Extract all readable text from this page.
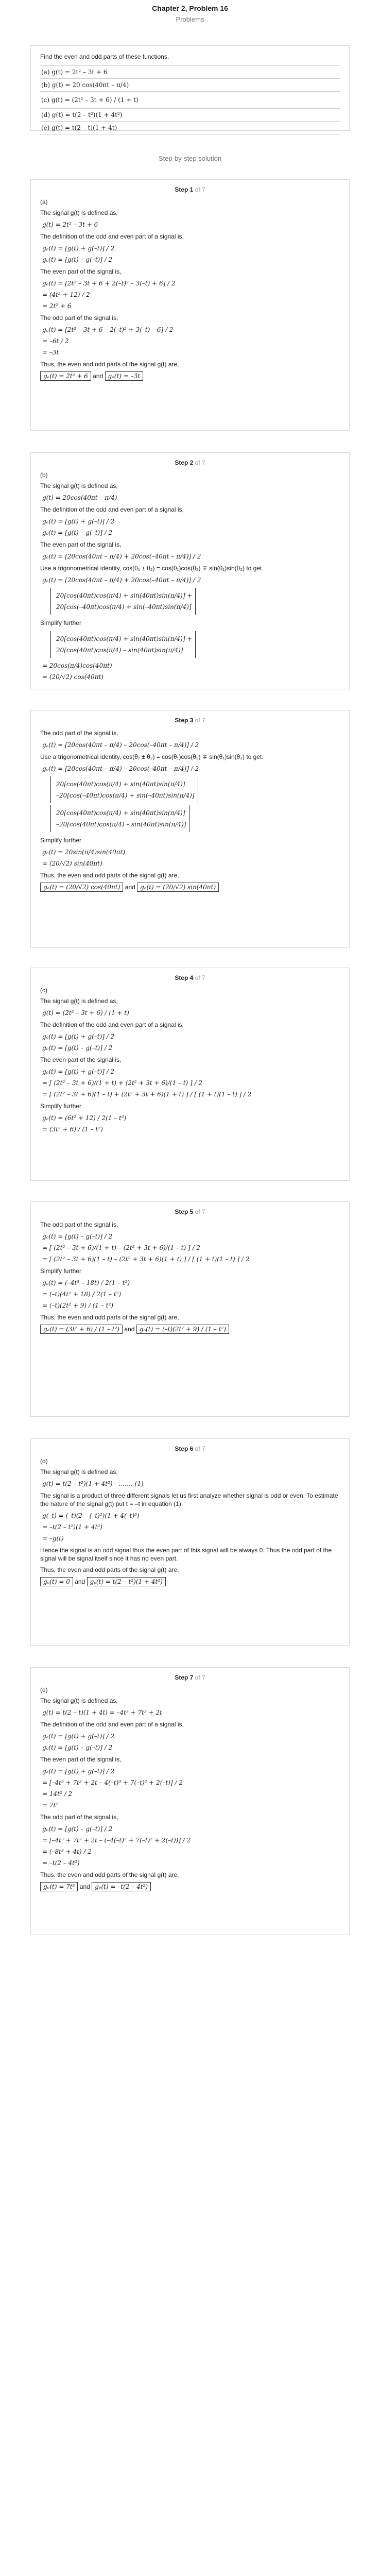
Chapter 2, Problem 16
Problems
Find the even and odd parts of these functions.
(a) g(t) = 2t² – 3t + 6
(b) g(t) = 20 cos(40πt – π/4)
(c) g(t) = (2t² – 3t + 6) / (1 + t)
(d) g(t) = t(2 – t²)(1 + 4t²)
(e) g(t) = t(2 – t)(1 + 4t)
Step-by-step solution
Step 1 of 7
(a)
The signal g(t) is defined as,
g(t) = 2t² – 3t + 6
The definition of the odd and even part of a signal is,
gₑ(t) = [g(t) + g(–t)] / 2
gₒ(t) = [g(t) – g(–t)] / 2
The even part of the signal is,
gₑ(t) = [2t² – 3t + 6 + 2(–t)² – 3(–t) + 6] / 2
= (4t² + 12) / 2
= 2t² + 6
The odd part of the signal is,
gₒ(t) = [2t² – 3t + 6 – 2(–t)² + 3(–t) – 6] / 2
= –6t / 2
= –3t
Thus, the even and odd parts of the signal g(t) are,
gₑ(t) = 2t² + 6 and gₒ(t) = –3t
Step 2 of 7
(b)
The signal g(t) is defined as,
g(t) = 20cos(40πt – π/4)
The definition of the odd and even part of a signal is,
gₑ(t) = [g(t) + g(–t)] / 2
gₒ(t) = [g(t) – g(–t)] / 2
The even part of the signal is,
gₑ(t) = [20cos(40πt – π/4) + 20cos(–40πt – π/4)] / 2
Use a trigonometrical identity, cos(θ₁ ± θ₂) = cos(θ₁)cos(θ₂) ∓ sin(θ₁)sin(θ₂) to get.
gₑ(t) = [20cos(40πt – π/4) + 20cos(–40πt – π/4)] / 2
20[cos(40πt)cos(π/4) + sin(40πt)sin(π/4)] +
20[cos(–40πt)cos(π/4) + sin(–40πt)sin(π/4)]
Simplify further
20[cos(40πt)cos(π/4) + sin(40πt)sin(π/4)] +
20[cos(40πt)cos(π/4) – sin(40πt)sin(π/4)]
= 20cos(π/4)cos(40πt)
= (20/√2) cos(40πt)
Step 3 of 7
The odd part of the signal is,
gₒ(t) = [20cos(40πt – π/4) – 20cos(–40πt – π/4)] / 2
Use a trigonometrical identity, cos(θ₁ ± θ₂) = cos(θ₁)cos(θ₂) ∓ sin(θ₁)sin(θ₂) to get.
gₒ(t) = [20cos(40πt – π/4) – 20cos(–40πt – π/4)] / 2
20[cos(40πt)cos(π/4) + sin(40πt)sin(π/4)]
–20[cos(–40πt)cos(π/4) + sin(–40πt)sin(π/4)]

20[cos(40πt)cos(π/4) + sin(40πt)sin(π/4)]
–20[cos(40πt)cos(π/4) – sin(40πt)sin(π/4)]
Simplify further
gₒ(t) = 20sin(π/4)sin(40πt)
= (20/√2) sin(40πt)
Thus, the even and odd parts of the signal g(t) are,
gₑ(t) = (20/√2) cos(40πt) and gₒ(t) = (20/√2) sin(40πt)
Step 4 of 7
(c)
The signal g(t) is defined as,
g(t) = (2t² – 3t + 6) / (1 + t)
The definition of the odd and even part of a signal is,
gₑ(t) = [g(t) + g(–t)] / 2
gₒ(t) = [g(t) – g(–t)] / 2
The even part of the signal is,
gₑ(t) = [g(t) + g(–t)] / 2
= [ (2t² – 3t + 6)/(1 + t) + (2t² + 3t + 6)/(1 – t) ] / 2
= [ (2t² – 3t + 6)(1 – t) + (2t² + 3t + 6)(1 + t) ] / [ (1 + t)(1 – t) ] / 2
Simplify further
gₑ(t) = (6t² + 12) / 2(1 – t²)
= (3t² + 6) / (1 – t²)
Step 5 of 7
The odd part of the signal is,
gₒ(t) = [g(t) – g(–t)] / 2
= [ (2t² – 3t + 6)/(1 + t) – (2t² + 3t + 6)/(1 – t) ] / 2
= [ (2t² – 3t + 6)(1 – t) – (2t² + 3t + 6)(1 + t) ] / [ (1 + t)(1 – t) ] / 2
Simplify further
gₒ(t) = (–4t³ – 18t) / 2(1 – t²)
= (–t)(4t² + 18) / 2(1 – t²)
= (–t)(2t² + 9) / (1 – t²)
Thus, the even and odd parts of the signal g(t) are,
gₑ(t) = (3t² + 6) / (1 – t²) and gₒ(t) = (–t)(2t² + 9) / (1 – t²)
Step 6 of 7
(d)
The signal g(t) is defined as,
g(t) = t(2 – t²)(1 + 4t²)   ……. (1)
The signal is a product of three different signals let us first analyze whether signal is odd or even. To estimate the nature of the signal g(t) put t = –t in equation (1).
g(–t) = (–t)(2 – (–t)²)(1 + 4(–t)²)
= –t(2 – t²)(1 + 4t²)
= –g(t)
Hence the signal is an odd signal thus the even part of this signal will be always 0. Thus the odd part of the signal will be signal itself since it has no even part.
Thus, the even and odd parts of the signal g(t) are,
gₑ(t) = 0 and gₒ(t) = t(2 – t²)(1 + 4t²)
Step 7 of 7
(e)
The signal g(t) is defined as,
g(t) = t(2 – t)(1 + 4t) = –4t³ + 7t² + 2t
The definition of the odd and even part of a signal is,
gₑ(t) = [g(t) + g(–t)] / 2
gₒ(t) = [g(t) – g(–t)] / 2
The even part of the signal is,
gₑ(t) = [g(t) + g(–t)] / 2
= [–4t³ + 7t² + 2t – 4(–t)³ + 7(–t)² + 2(–t)] / 2
= 14t² / 2
= 7t²
The odd part of the signal is,
gₒ(t) = [g(t) – g(–t)] / 2
= [–4t³ + 7t² + 2t – (–4(–t)³ + 7(–t)² + 2(–t))] / 2
= (–8t³ + 4t) / 2
= –t(2 – 4t²)
Thus, the even and odd parts of the signal g(t) are,
gₑ(t) = 7t² and gₒ(t) = –t(2 – 4t²)
